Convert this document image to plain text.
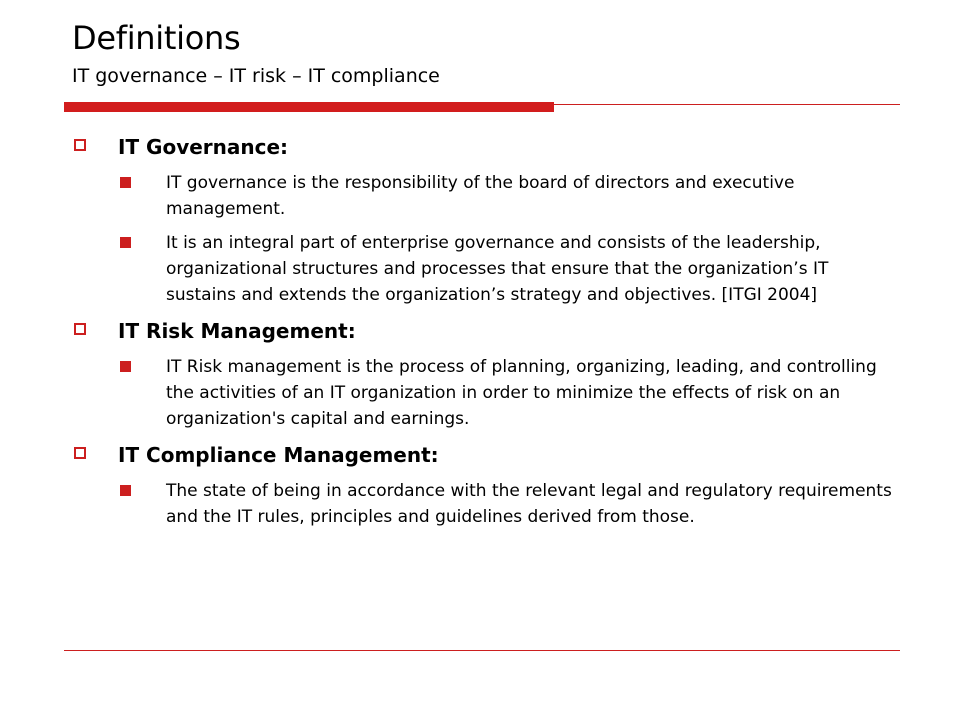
Definitions
IT governance – IT risk – IT compliance
IT Governance:
IT governance is the responsibility of the board of directors and executive management.
It is an integral part of enterprise governance and consists of the leadership, organizational structures and processes that ensure that the organization’s IT sustains and extends the organization’s strategy and objectives. [ITGI 2004]
IT Risk Management:
IT Risk management is the process of planning, organizing, leading, and controlling the activities of an IT organization in order to minimize the effects of risk on an organization's capital and earnings.
IT Compliance Management:
The state of being in accordance with the relevant legal and regulatory requirements and the IT rules, principles and guidelines derived from those.
